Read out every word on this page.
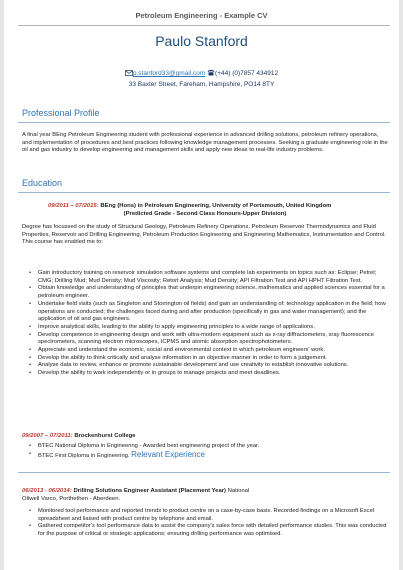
Petroleum Engineering - Example CV
Paulo Stanford
p.stanford33@gmail.com (+44) (0)7857 434912
33 Baxter Street, Fareham, Hampshire, PO14 8TY
Professional Profile
A final year BEng Petroleum Engineering student with professional experience in advanced drilling solutions, petroleum refinery operations, and implementation of procedures and best practices following knowledge management processes. Seeking a graduate engineering role in the oil and gas industry to develop engineering and management skills and apply new ideas to real-life industry problems.
Education
09/2011 – 07/2015: BEng (Hons) in Petroleum Engineering, University of Portsmouth, United Kingdom
(Predicted Grade - Second Class Honours-Upper Division)

Degree has focussed on the study of Structural Geology, Petroleum Refinery Operations, Petroleum Reservoir Thermodynamics and Fluid Properties, Reservoir and Drilling Engineering, Petroleum Production Engineering and Engineering Mathematics, Instrumentation and Control.

This course has enabled me to:

• Gain introductory training on reservoir simulation software systems and complete lab experiments on topics such as: Eclipse; Petrel; CMG; Drilling Mud; Mud Density; Mud Viscosity; Retort Analysis; Mud Density; API Filtration Test and API HPHT Filtration Test.
• Obtain knowledge and understanding of principles that underpin engineering science, mathematics and applied sciences essential for a petroleum engineer.
• Undertake field visits (such as Singleton and Storrington oil fields) and gain an understanding of: technology application in the field; how operations are conducted; the challenges faced during and after production (specifically in gas and water management); and the application of oil and gas engineers.
• Improve analytical skills, leading to the ability to apply engineering principles to a wide range of applications.
• Develop competence in engineering design and work with ultra-modern equipment such as x-ray diffractometers, xray fluorescence spectrometers, scanning electron microscopes, ICPMS and atomic absorption spectrophotometers.
• Appreciate and understand the economic, social and environmental context in which petroleum engineers' work.
• Develop the ability to think critically and analyse information in an objective manner in order to form a judgement.
• Analyse data to review, enhance or promote sustainable development and use creativity to establish innovative solutions.
• Develop the ability to work independently or in groups to manage projects and meet deadlines.
09/2007 – 07/2011: Brockenhurst College
• BTEC National Diploma in Engineering - Awarded best engineering project of the year.
• BTEC First Diploma in Engineering. Relevant Experience
06/2013 - 06/2014: Drilling Solutions Engineer Assistant (Placement Year) National
Oilwell Varco, Porthethen - Aberdeen.
• Monitored tool performance and reported trends to product centre on a case-by-case basis. Recorded findings on a Microsoft Excel spreadsheet and liaised with product centre by telephone and email.
• Gathered competitor's tool performance data to assist the company's sales force with detailed performance studies. This was conducted for the purpose of critical or strategic applications; ensuring drilling performance was optimised.
